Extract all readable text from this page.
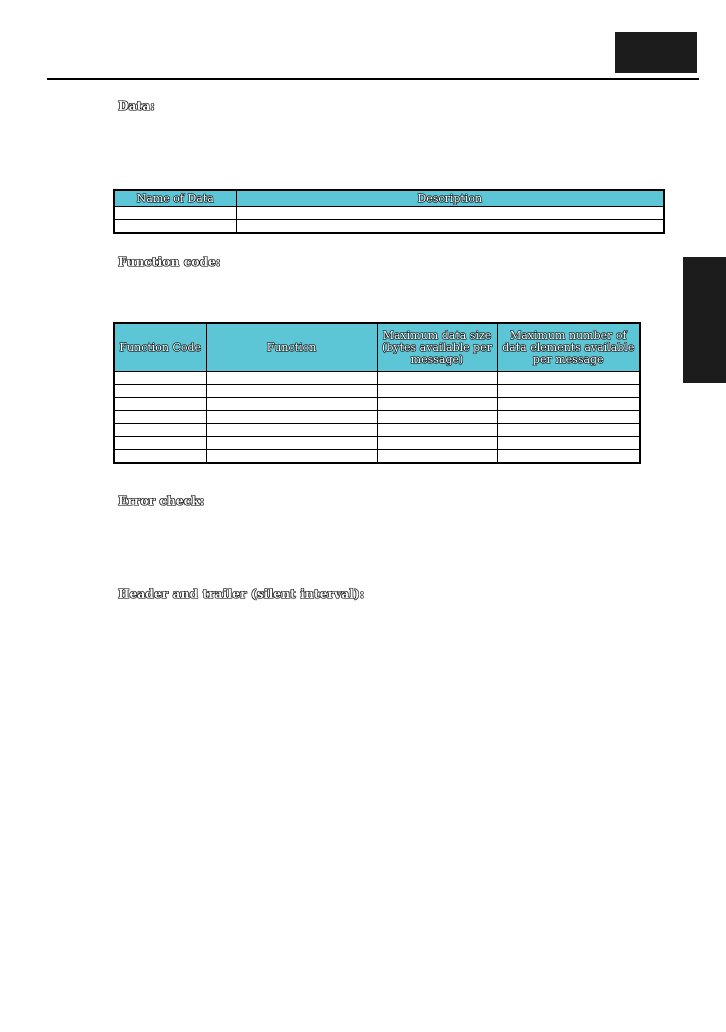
Data:
Name of Data	Description

Function code:
Function Code	Function	Maximum data size (bytes available per message)	Maximum number of data elements available per message

Error check:
Header and trailer (silent interval):
